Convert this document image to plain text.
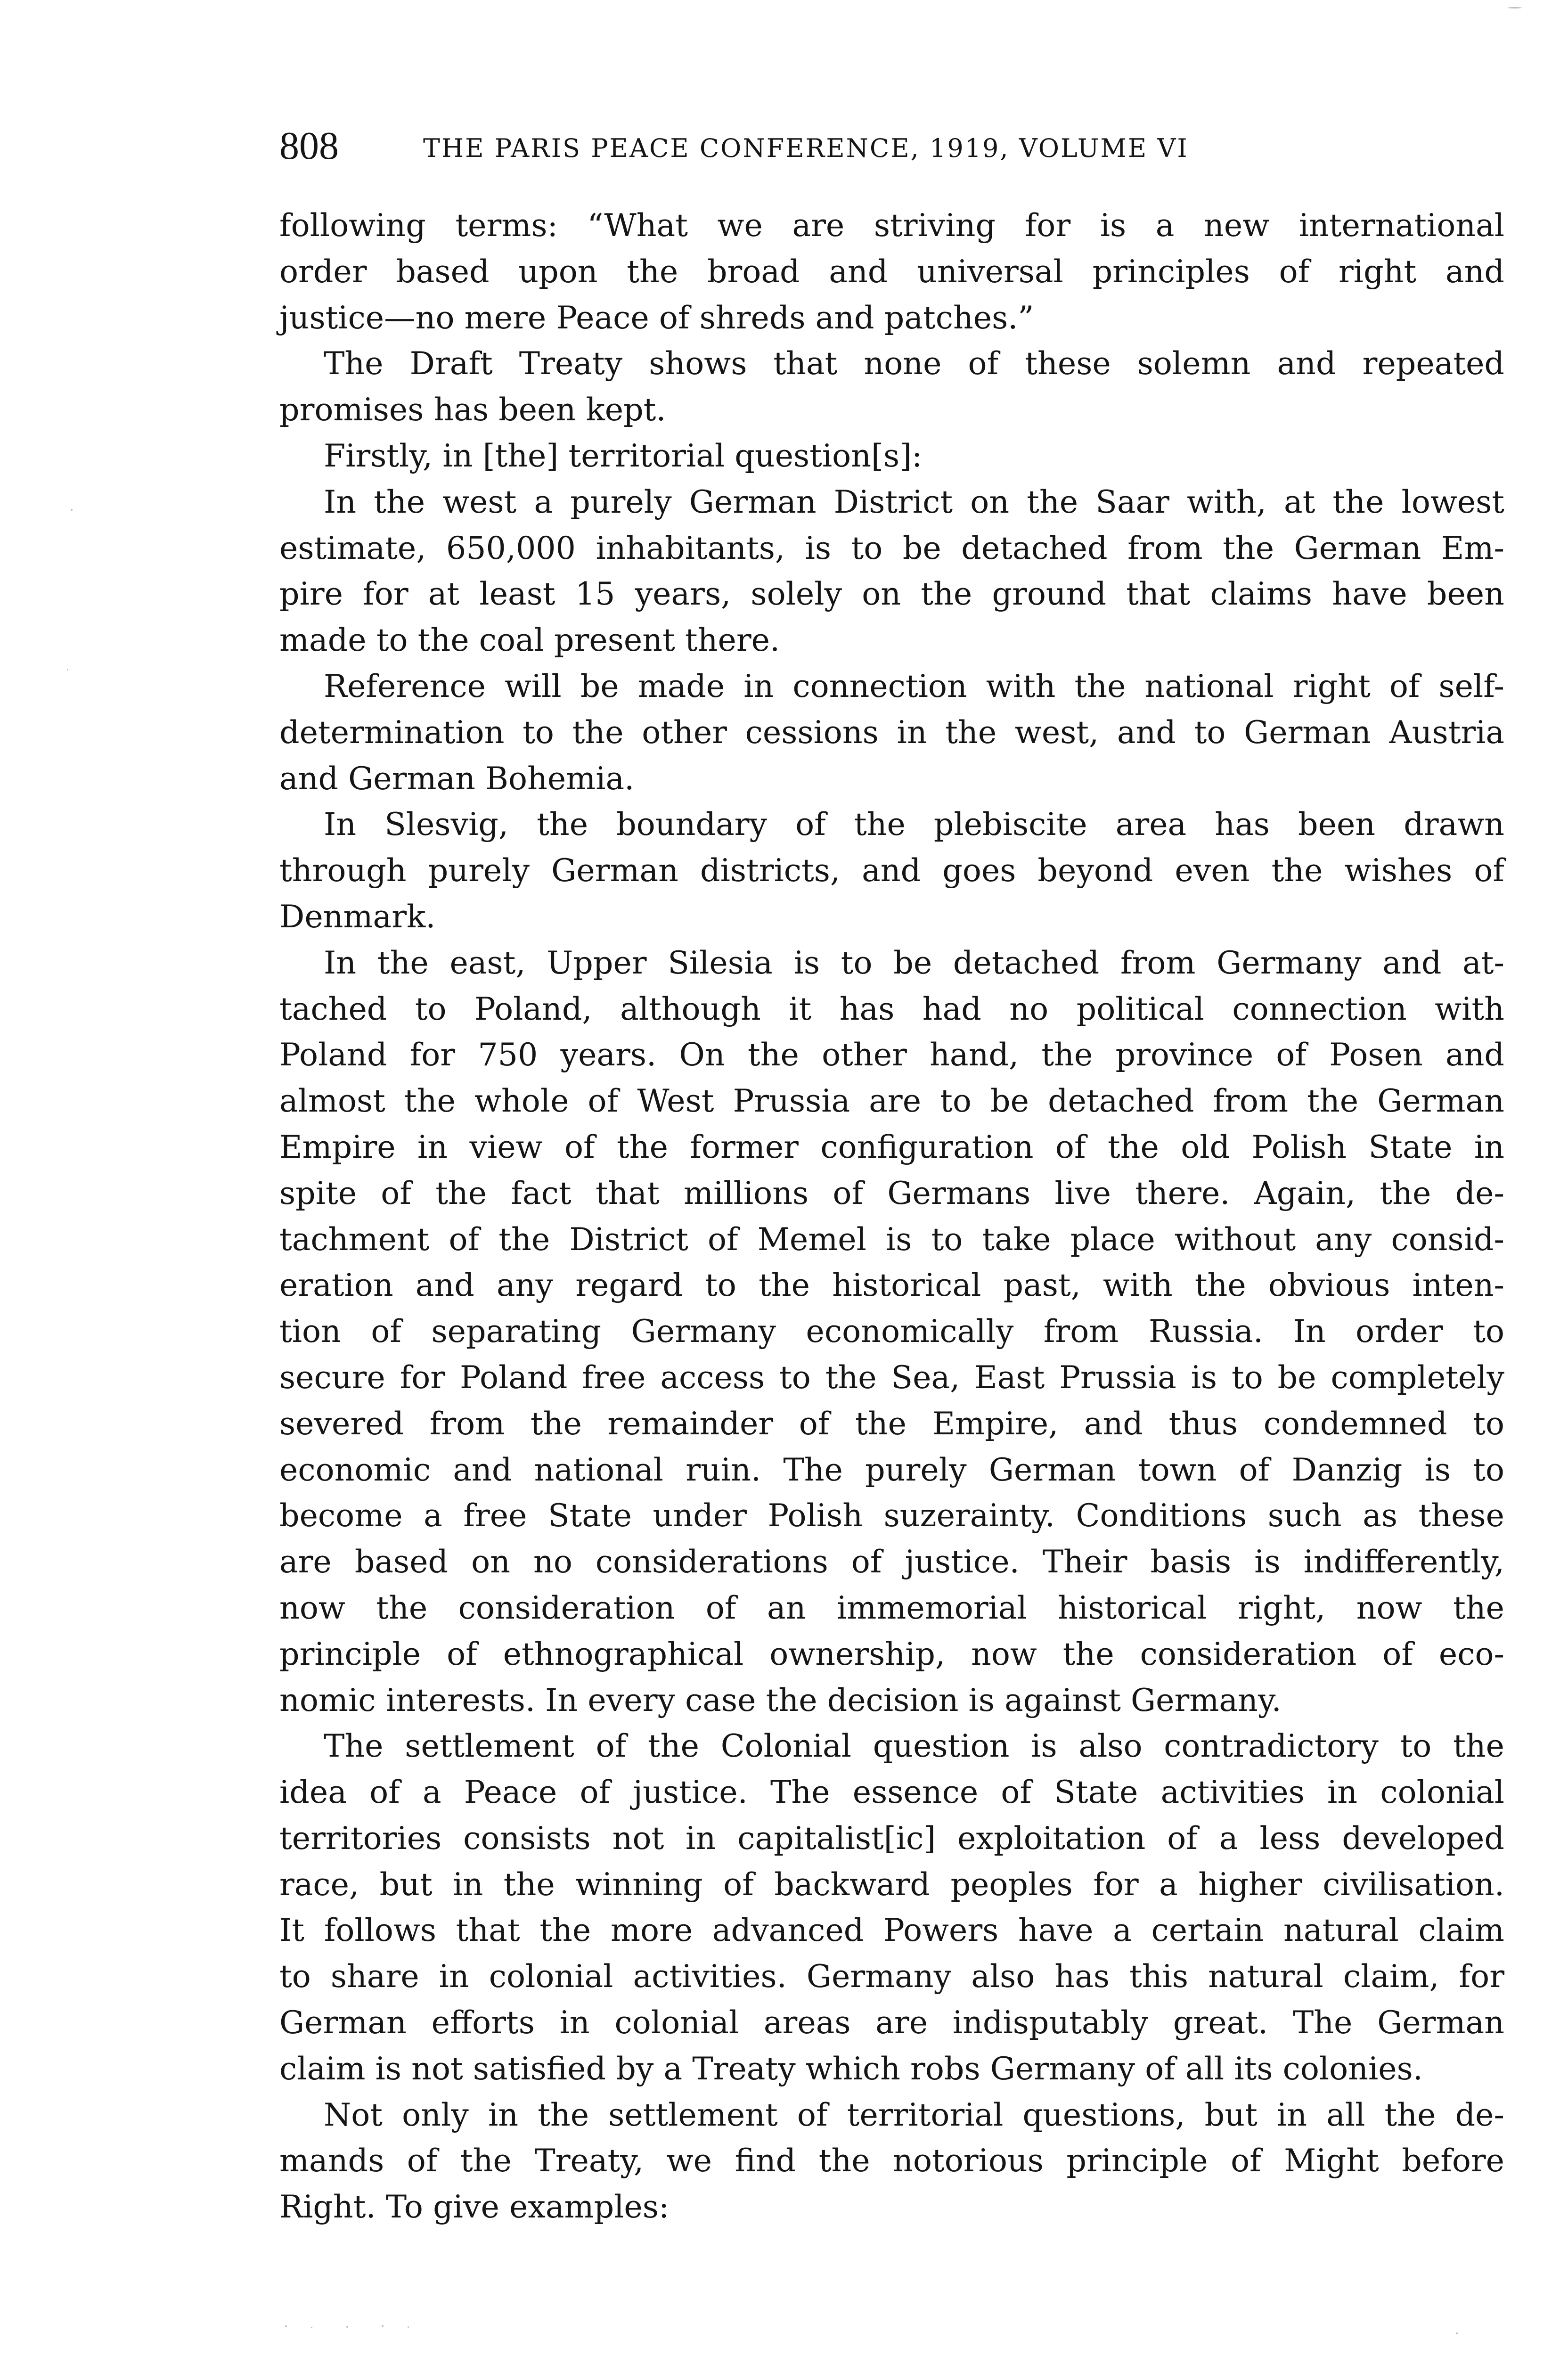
808	THE PARIS PEACE CONFERENCE, 1919, VOLUME VI
following terms: “What we are striving for is a new international
order based upon the broad and universal principles of right and
justice—no mere Peace of shreds and patches.”
The Draft Treaty shows that none of these solemn and repeated
promises has been kept.
Firstly, in [the] territorial question[s]:
In the west a purely German District on the Saar with, at the lowest
estimate, 650,000 inhabitants, is to be detached from the German Em-
pire for at least 15 years, solely on the ground that claims have been
made to the coal present there.
Reference will be made in connection with the national right of self-
determination to the other cessions in the west, and to German Austria
and German Bohemia.
In Slesvig, the boundary of the plebiscite area has been drawn
through purely German districts, and goes beyond even the wishes of
Denmark.
In the east, Upper Silesia is to be detached from Germany and at-
tached to Poland, although it has had no political connection with
Poland for 750 years. On the other hand, the province of Posen and
almost the whole of West Prussia are to be detached from the German
Empire in view of the former configuration of the old Polish State in
spite of the fact that millions of Germans live there. Again, the de-
tachment of the District of Memel is to take place without any consid-
eration and any regard to the historical past, with the obvious inten-
tion of separating Germany economically from Russia. In order to
secure for Poland free access to the Sea, East Prussia is to be completely
severed from the remainder of the Empire, and thus condemned to
economic and national ruin. The purely German town of Danzig is to
become a free State under Polish suzerainty. Conditions such as these
are based on no considerations of justice. Their basis is indifferently,
now the consideration of an immemorial historical right, now the
principle of ethnographical ownership, now the consideration of eco-
nomic interests. In every case the decision is against Germany.
The settlement of the Colonial question is also contradictory to the
idea of a Peace of justice. The essence of State activities in colonial
territories consists not in capitalist[ic] exploitation of a less developed
race, but in the winning of backward peoples for a higher civilisation.
It follows that the more advanced Powers have a certain natural claim
to share in colonial activities. Germany also has this natural claim, for
German efforts in colonial areas are indisputably great. The German
claim is not satisfied by a Treaty which robs Germany of all its colonies.
Not only in the settlement of territorial questions, but in all the de-
mands of the Treaty, we find the notorious principle of Might before
Right. To give examples:
